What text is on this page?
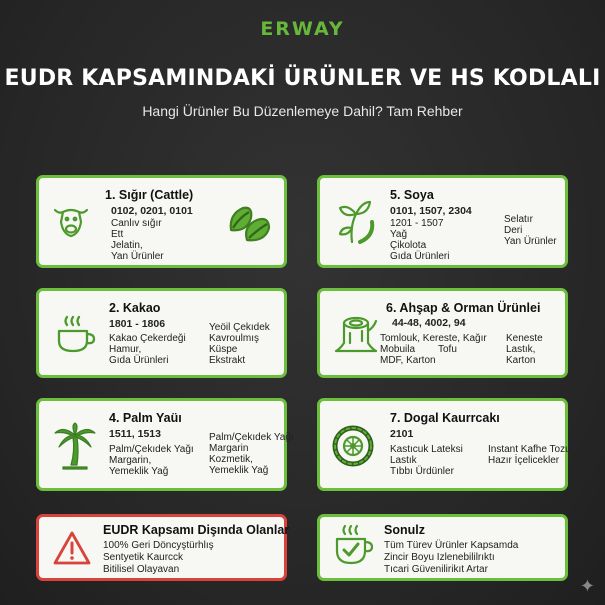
ERWAY
EUDR KAPSAMINDAKİ ÜRÜNLER VE HS KODLALI
Hangi Ürünler Bu Düzenlemeye Dahil? Tam Rehber
1. Sığır (Cattle)
0102, 0201, 0101
Canlıv sığır
Ett
Jelatin,
Yan Ürünler
5. Soya
0101, 1507, 2304
1201 - 1507
Yağ
Çikolota
Gıda Ürünleri
Selatır
Deri
Yan Ürünler
2. Kakao
1801 - 1806
Kakao Çekerdeği
Hamur,
Gıda Ürünleri
Yeöil Çekıdek
Kavroulmış
Küspe
Ekstrakt
6. Ahşap & Orman Ürünlei
44-48, 4002, 94
Tomlouk, Kereste, Kağır
Mobuila Tofu
MDF, Karton
Keneste
Lastık,
Karton
4. Palm Yaüı
1511, 1513
Palm/Çekıdek Yağı
Margarin,
Yemeklik Yağ
Palm/Çekıdek Yağı
Margarin
Kozmetik,
Yemeklik Yağ
7. Dogal Kaurrcakı
2101
Kastıcuk Lateksi
Lastık
Tıbbı Ürdünler
Instant Kafhe Tozu
Hazır İçelicekler
EUDR Kapsamı Dişında Olanlar
100% Geri Döncyştürhlış
Sentyetik Kaurcck
Bitilisel Olayavan
Sonulz
Tüm Türev Ürünler Kapsamda
Zincir Boyu Izlenebililrıktı
Tıcari Güvenilirikıt Artar
✦
